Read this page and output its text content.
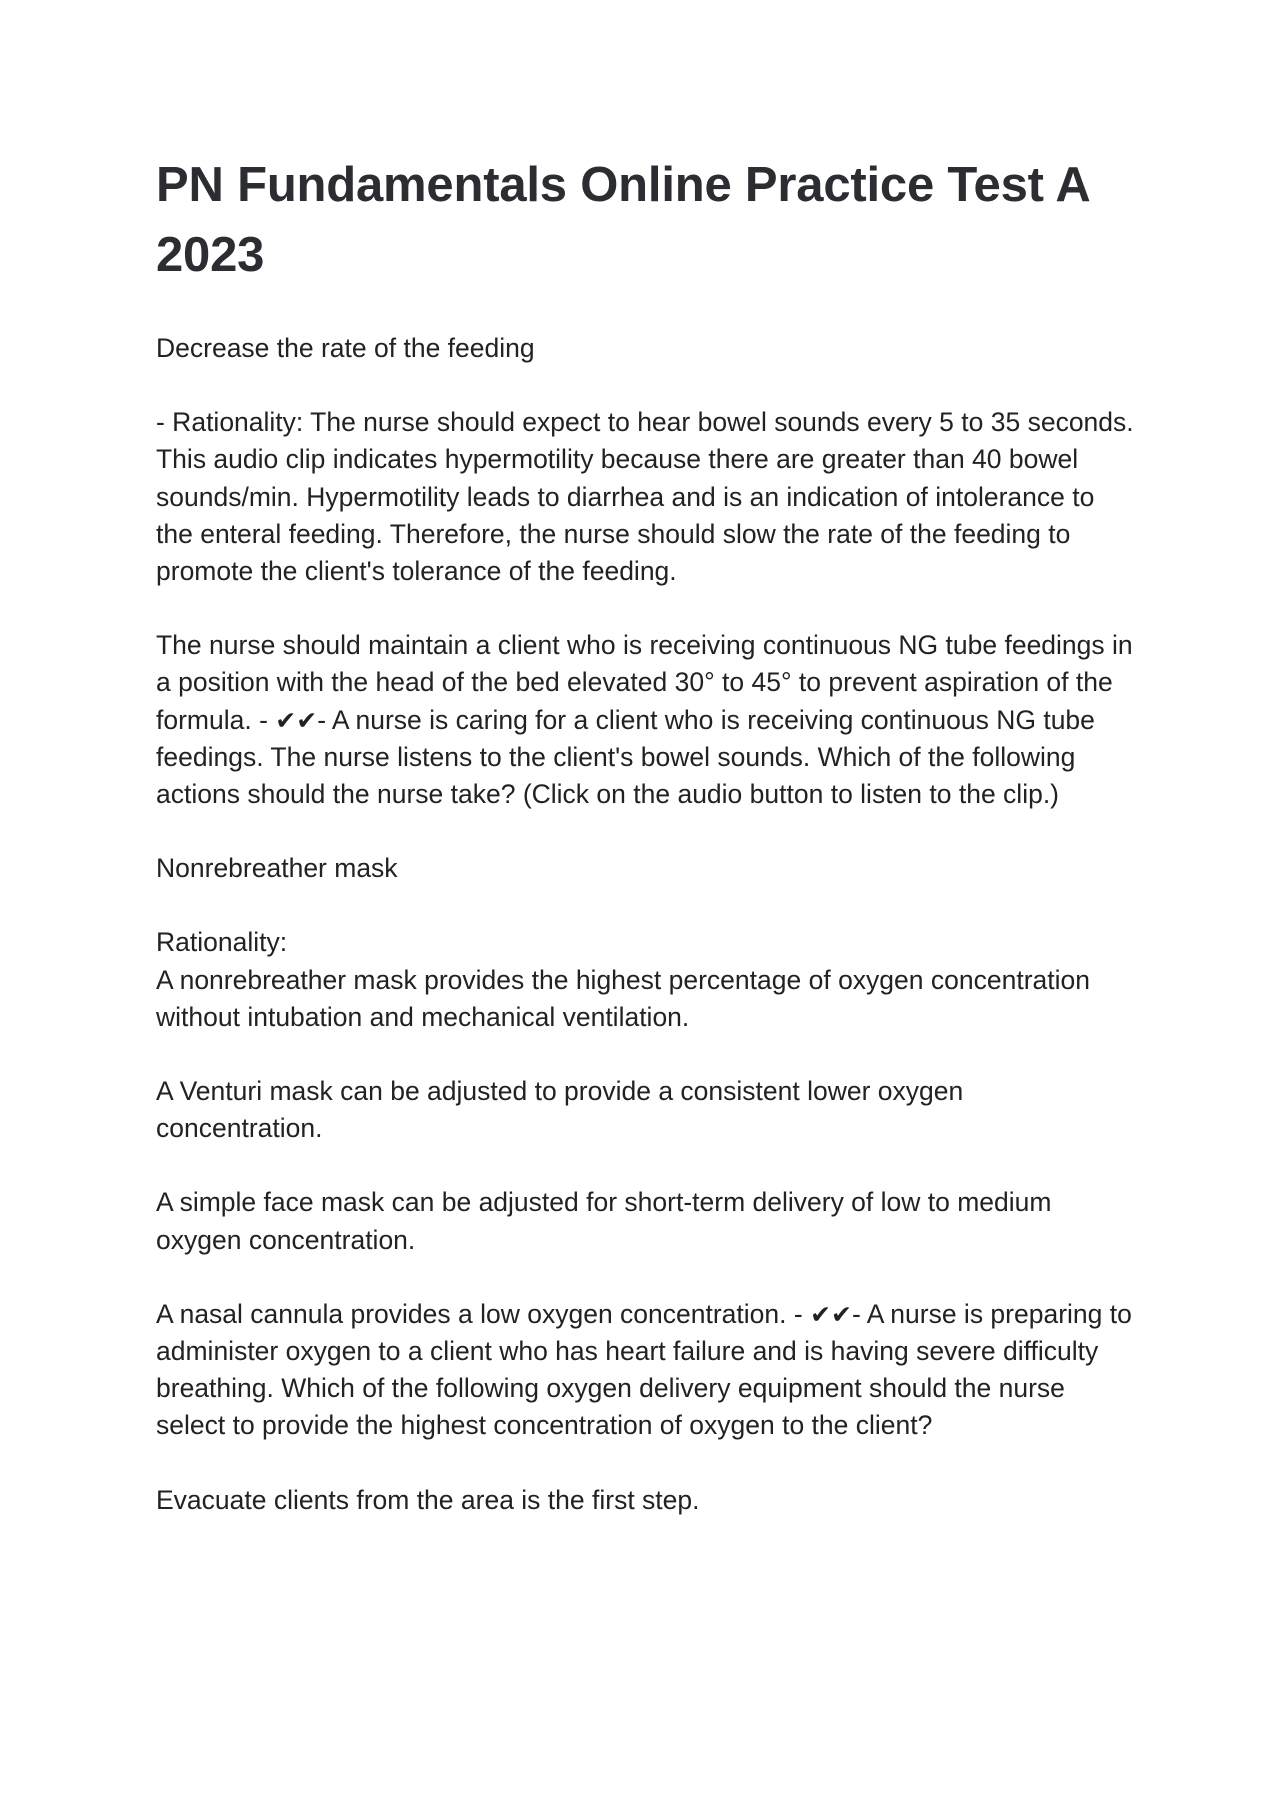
PN Fundamentals Online Practice Test A 2023

Decrease the rate of the feeding

- Rationality: The nurse should expect to hear bowel sounds every 5 to 35 seconds. This audio clip indicates hypermotility because there are greater than 40 bowel sounds/min. Hypermotility leads to diarrhea and is an indication of intolerance to the enteral feeding. Therefore, the nurse should slow the rate of the feeding to promote the client's tolerance of the feeding.

The nurse should maintain a client who is receiving continuous NG tube feedings in a position with the head of the bed elevated 30° to 45° to prevent aspiration of the formula. - ✔✔- A nurse is caring for a client who is receiving continuous NG tube feedings. The nurse listens to the client's bowel sounds. Which of the following actions should the nurse take? (Click on the audio button to listen to the clip.)

Nonrebreather mask

Rationality:

A nonrebreather mask provides the highest percentage of oxygen concentration without intubation and mechanical ventilation.

A Venturi mask can be adjusted to provide a consistent lower oxygen concentration.

A simple face mask can be adjusted for short-term delivery of low to medium oxygen concentration.

A nasal cannula provides a low oxygen concentration. - ✔✔- A nurse is preparing to administer oxygen to a client who has heart failure and is having severe difficulty breathing. Which of the following oxygen delivery equipment should the nurse select to provide the highest concentration of oxygen to the client?

Evacuate clients from the area is the first step.
